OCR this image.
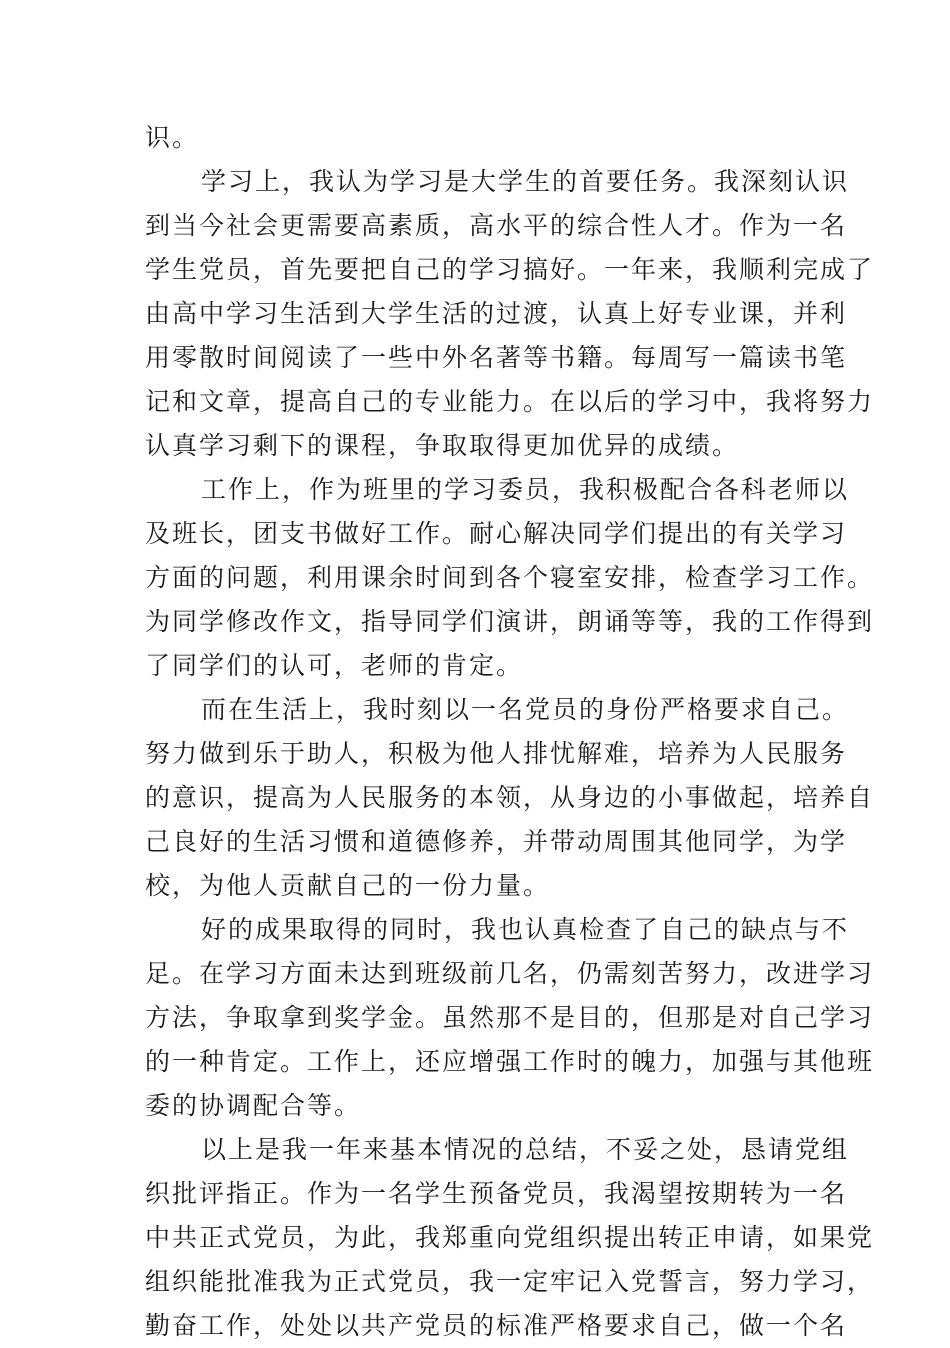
识。
学习上，我认为学习是大学生的首要任务。我深刻认识
到当今社会更需要高素质，高水平的综合性人才。作为一名
学生党员，首先要把自己的学习搞好。一年来，我顺利完成了
由高中学习生活到大学生活的过渡，认真上好专业课，并利
用零散时间阅读了一些中外名著等书籍。每周写一篇读书笔
记和文章，提高自己的专业能力。在以后的学习中，我将努力
认真学习剩下的课程，争取取得更加优异的成绩。
工作上，作为班里的学习委员，我积极配合各科老师以
及班长，团支书做好工作。耐心解决同学们提出的有关学习
方面的问题，利用课余时间到各个寝室安排，检查学习工作。
为同学修改作文，指导同学们演讲，朗诵等等，我的工作得到
了同学们的认可，老师的肯定。
而在生活上，我时刻以一名党员的身份严格要求自己。
努力做到乐于助人，积极为他人排忧解难，培养为人民服务
的意识，提高为人民服务的本领，从身边的小事做起，培养自
己良好的生活习惯和道德修养，并带动周围其他同学，为学
校，为他人贡献自己的一份力量。
好的成果取得的同时，我也认真检查了自己的缺点与不
足。在学习方面未达到班级前几名，仍需刻苦努力，改进学习
方法，争取拿到奖学金。虽然那不是目的，但那是对自己学习
的一种肯定。工作上，还应增强工作时的魄力，加强与其他班
委的协调配合等。
以上是我一年来基本情况的总结，不妥之处，恳请党组
织批评指正。作为一名学生预备党员，我渴望按期转为一名
中共正式党员，为此，我郑重向党组织提出转正申请，如果党
组织能批准我为正式党员，我一定牢记入党誓言，努力学习，
勤奋工作，处处以共产党员的标准严格要求自己，做一个名
